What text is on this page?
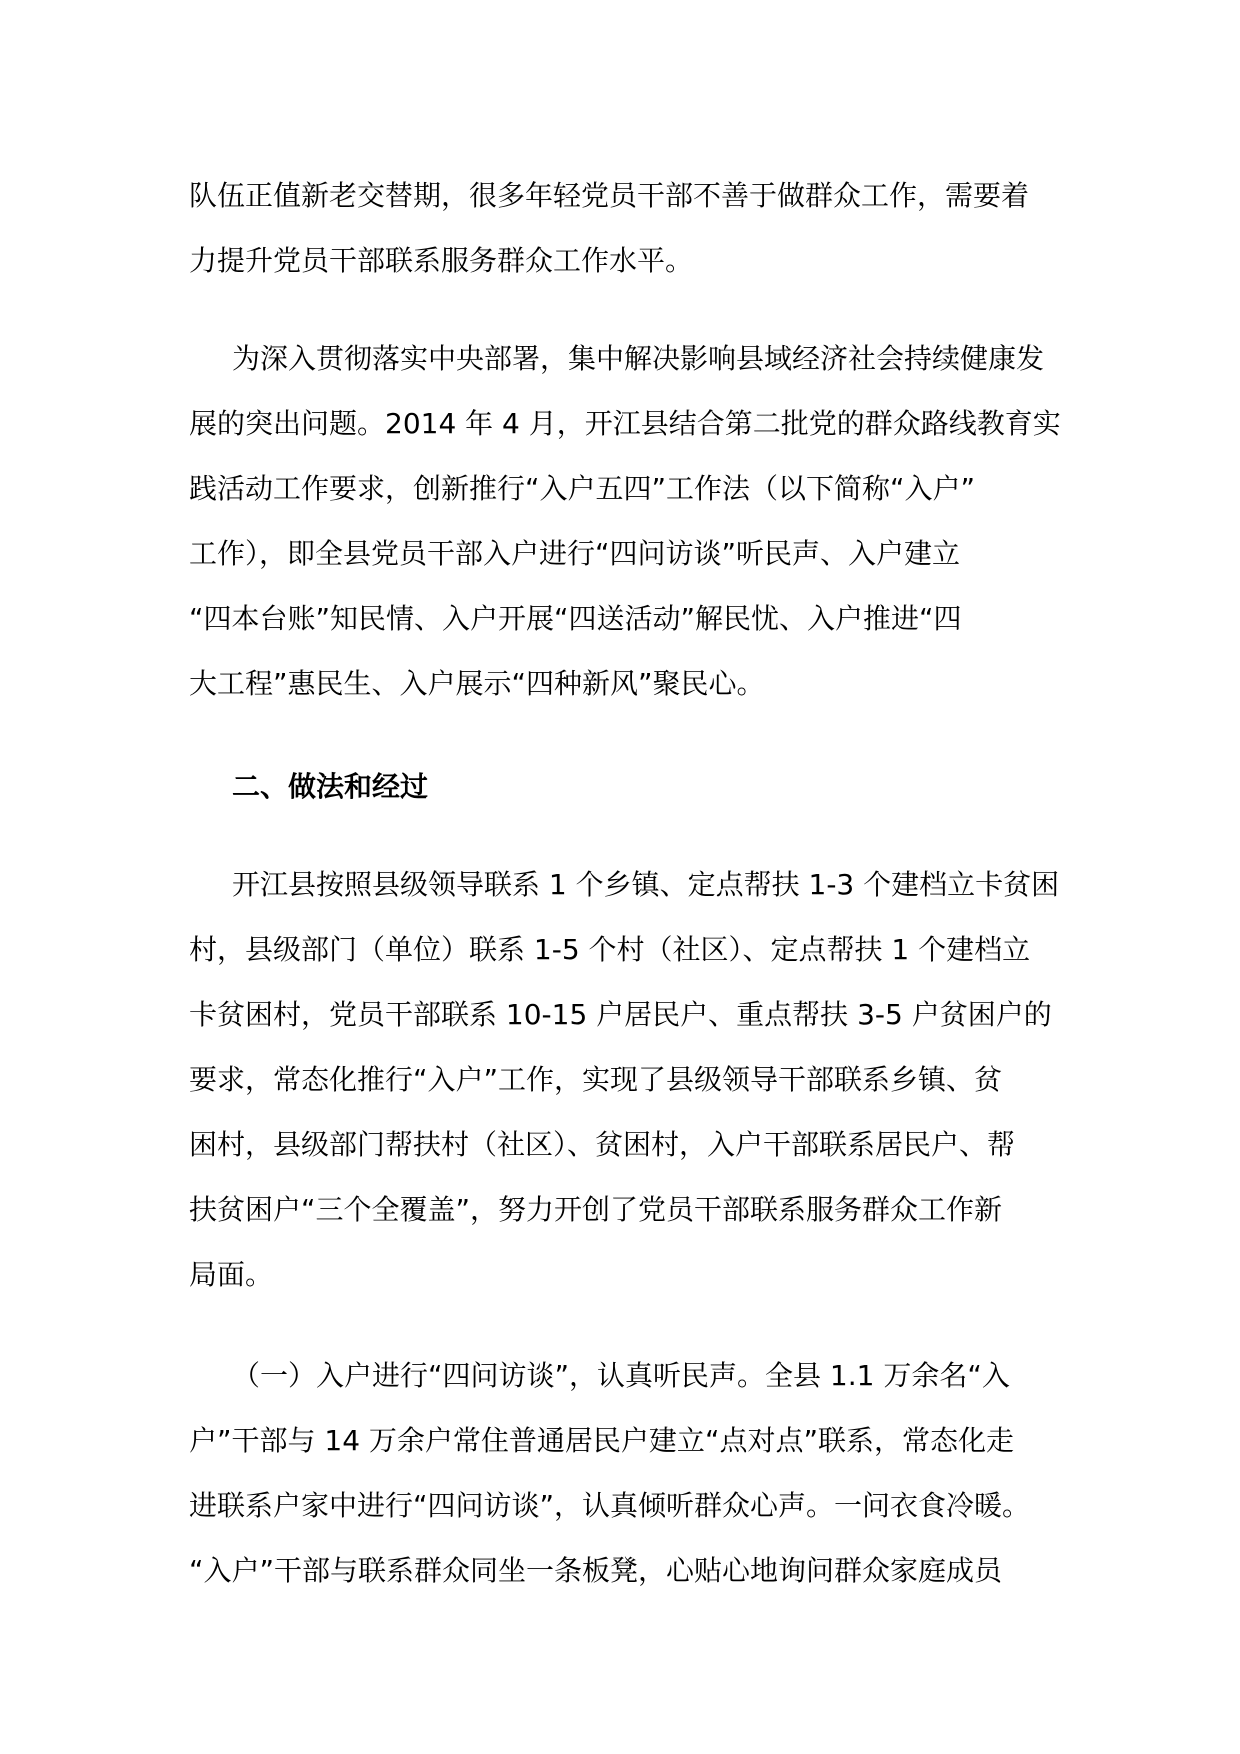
队伍正值新老交替期，很多年轻党员干部不善于做群众工作，需要着
力提升党员干部联系服务群众工作水平。
为深入贯彻落实中央部署，集中解决影响县域经济社会持续健康发
展的突出问题。2014 年 4 月，开江县结合第二批党的群众路线教育实
践活动工作要求，创新推行“入户五四”工作法（以下简称“入户”
工作），即全县党员干部入户进行“四问访谈”听民声、入户建立
“四本台账”知民情、入户开展“四送活动”解民忧、入户推进“四
大工程”惠民生、入户展示“四种新风”聚民心。
二、做法和经过
开江县按照县级领导联系 1 个乡镇、定点帮扶 1-3 个建档立卡贫困
村，县级部门（单位）联系 1-5 个村（社区）、定点帮扶 1 个建档立
卡贫困村，党员干部联系 10-15 户居民户、重点帮扶 3-5 户贫困户的
要求，常态化推行“入户”工作，实现了县级领导干部联系乡镇、贫
困村，县级部门帮扶村（社区）、贫困村，入户干部联系居民户、帮
扶贫困户“三个全覆盖”，努力开创了党员干部联系服务群众工作新
局面。
（一）入户进行“四问访谈”，认真听民声。全县 1.1 万余名“入
户”干部与 14 万余户常住普通居民户建立“点对点”联系，常态化走
进联系户家中进行“四问访谈”，认真倾听群众心声。一问衣食冷暖。
“入户”干部与联系群众同坐一条板凳，心贴心地询问群众家庭成员
